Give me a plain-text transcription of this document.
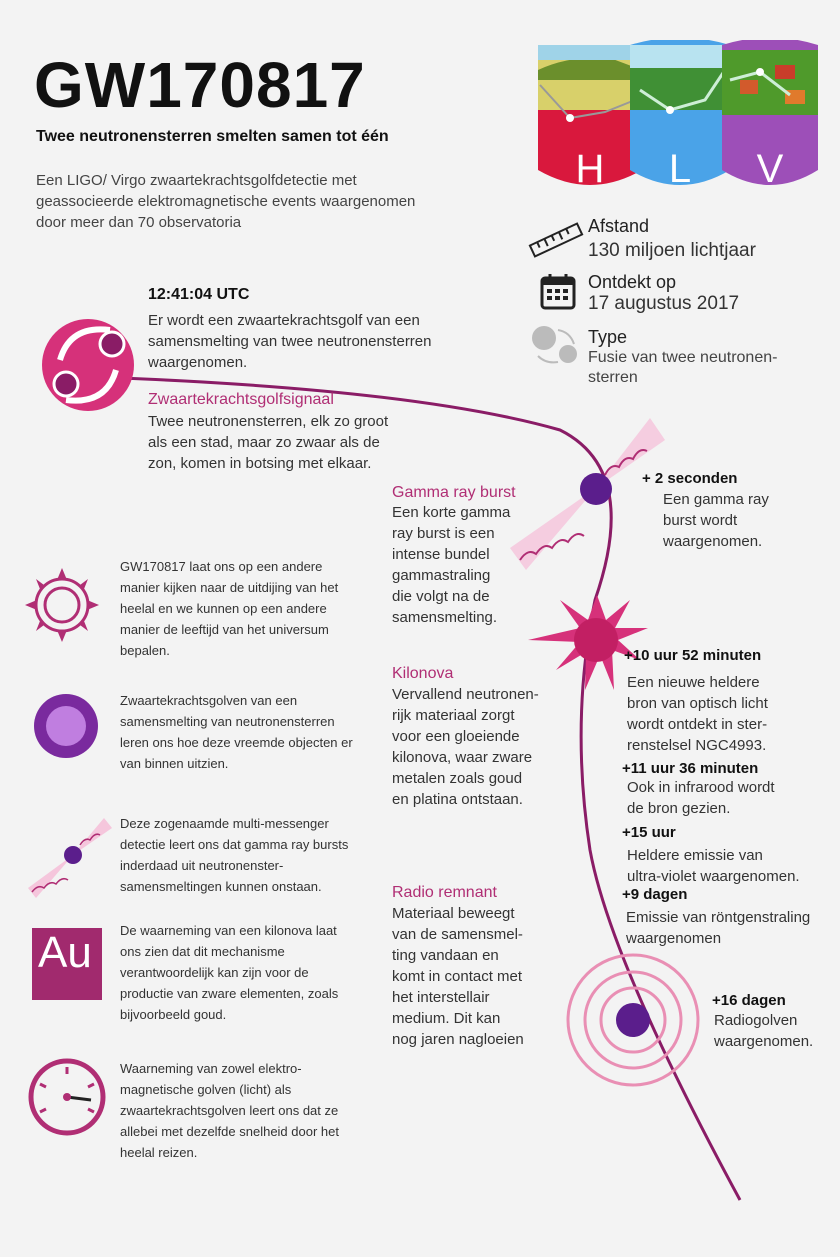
GW170817
Twee neutronensterren smelten samen tot één
Een LIGO/ Virgo zwaartekrachtsgolfdetectie met geassocieerde elektromagnetische events waargenomen door meer dan 70 observatoria
H L V
Afstand
130 miljoen lichtjaar
Ontdekt op
17 augustus 2017
Type
Fusie van twee neutronen-
sterren
12:41:04 UTC
Er wordt een zwaartekrachtsgolf van een
samensmelting van twee neutronensterren
waargenomen.
Zwaartekrachtsgolfsignaal
Twee neutronensterren, elk zo groot
als een stad, maar zo zwaar als de
zon, komen in botsing met elkaar.
Gamma ray burst
Een korte gamma
ray burst is een
intense bundel
gammastraling
die volgt na de
samensmelting.
+ 2 seconden
Een gamma ray
burst wordt
waargenomen.
Kilonova
Vervallend neutronen-
rijk materiaal zorgt
voor een gloeiende
kilonova, waar zware
metalen zoals goud
en platina ontstaan.
+10 uur 52 minuten
Een nieuwe heldere
bron van optisch licht
wordt ontdekt in ster-
renstelsel NGC4993.
+11 uur 36 minuten
Ook in infrarood wordt
de bron gezien.
+15 uur
Heldere emissie van
ultra-violet waargenomen.
+9 dagen
Emissie van röntgenstraling
waargenomen
Radio remnant
Materiaal beweegt
van de samensmel-
ting vandaan en
komt in contact met
het interstellair
medium. Dit kan
nog jaren nagloeien
+16 dagen
Radiogolven
waargenomen.
GW170817 laat ons op een andere
manier kijken naar de uitdijing van het
heelal en we kunnen op een andere
manier de leeftijd van het universum
bepalen.
Zwaartekrachtsgolven van een
samensmelting van neutronensterren
leren ons hoe deze vreemde objecten er
van binnen uitzien.
Deze zogenaamde multi-messenger
detectie leert ons dat gamma ray bursts
inderdaad uit neutronenster-
samensmeltingen kunnen onstaan.
Au	De waarneming van een kilonova laat
ons zien dat dit mechanisme
verantwoordelijk kan zijn voor de
productie van zware elementen, zoals
bijvoorbeeld goud.
Waarneming van zowel elektro-
magnetische golven (licht) als
zwaartekrachtsgolven leert ons dat ze
allebei met dezelfde snelheid door het
heelal reizen.
